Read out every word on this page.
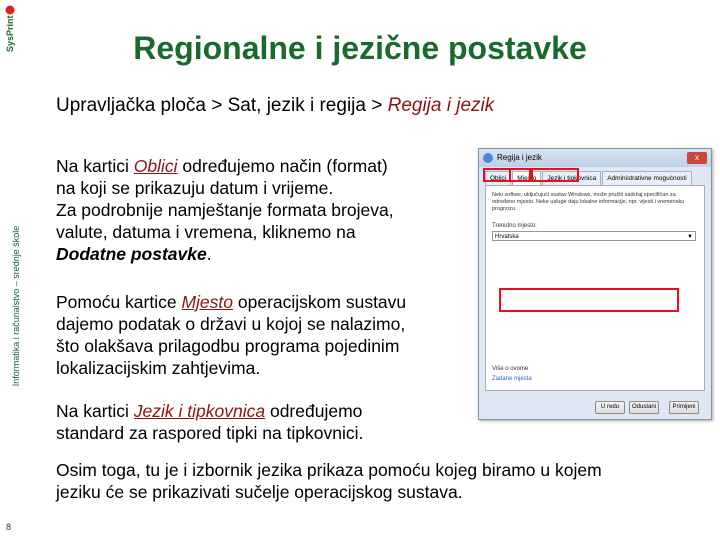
SysPrint
Informatika i računalstvo – srednje škole
8
Regionalne i jezične postavke
Upravljačka ploča > Sat, jezik i regija > Regija i jezik
Na kartici Oblici određujemo način (format)
na koji se prikazuju datum i vrijeme.
Za podrobnije namještanje formata brojeva,
valute, datuma i vremena, kliknemo na
Dodatne postavke.
Pomoću kartice Mjesto operacijskom sustavu
dajemo podatak o državi u kojoj se nalazimo,
što olakšava prilagodbu programa pojedinim
lokalizacijskim zahtjevima.
Na kartici Jezik i tipkovnica određujemo
standard za raspored tipki na tipkovnici.
Osim toga, tu je i izbornik jezika prikaza pomoću kojeg biramo u kojem
jeziku će se prikazivati sučelje operacijskog sustava.
Regija i jezik	x
Oblici	Mjesto	Jezik i tipkovnica	Administrativne mogućnosti
Neki softver, uključujući sustav Windows, može pružiti sadržaj specifičan za određeno mjesto. Neke usluge daju lokalne informacije, npr. vijesti i vremensku prognozu.
Trenutno mjesto:
Hrvatska	▼
Više o ovome
Zadane mjesta
U redu	Odustani	Primijeni
